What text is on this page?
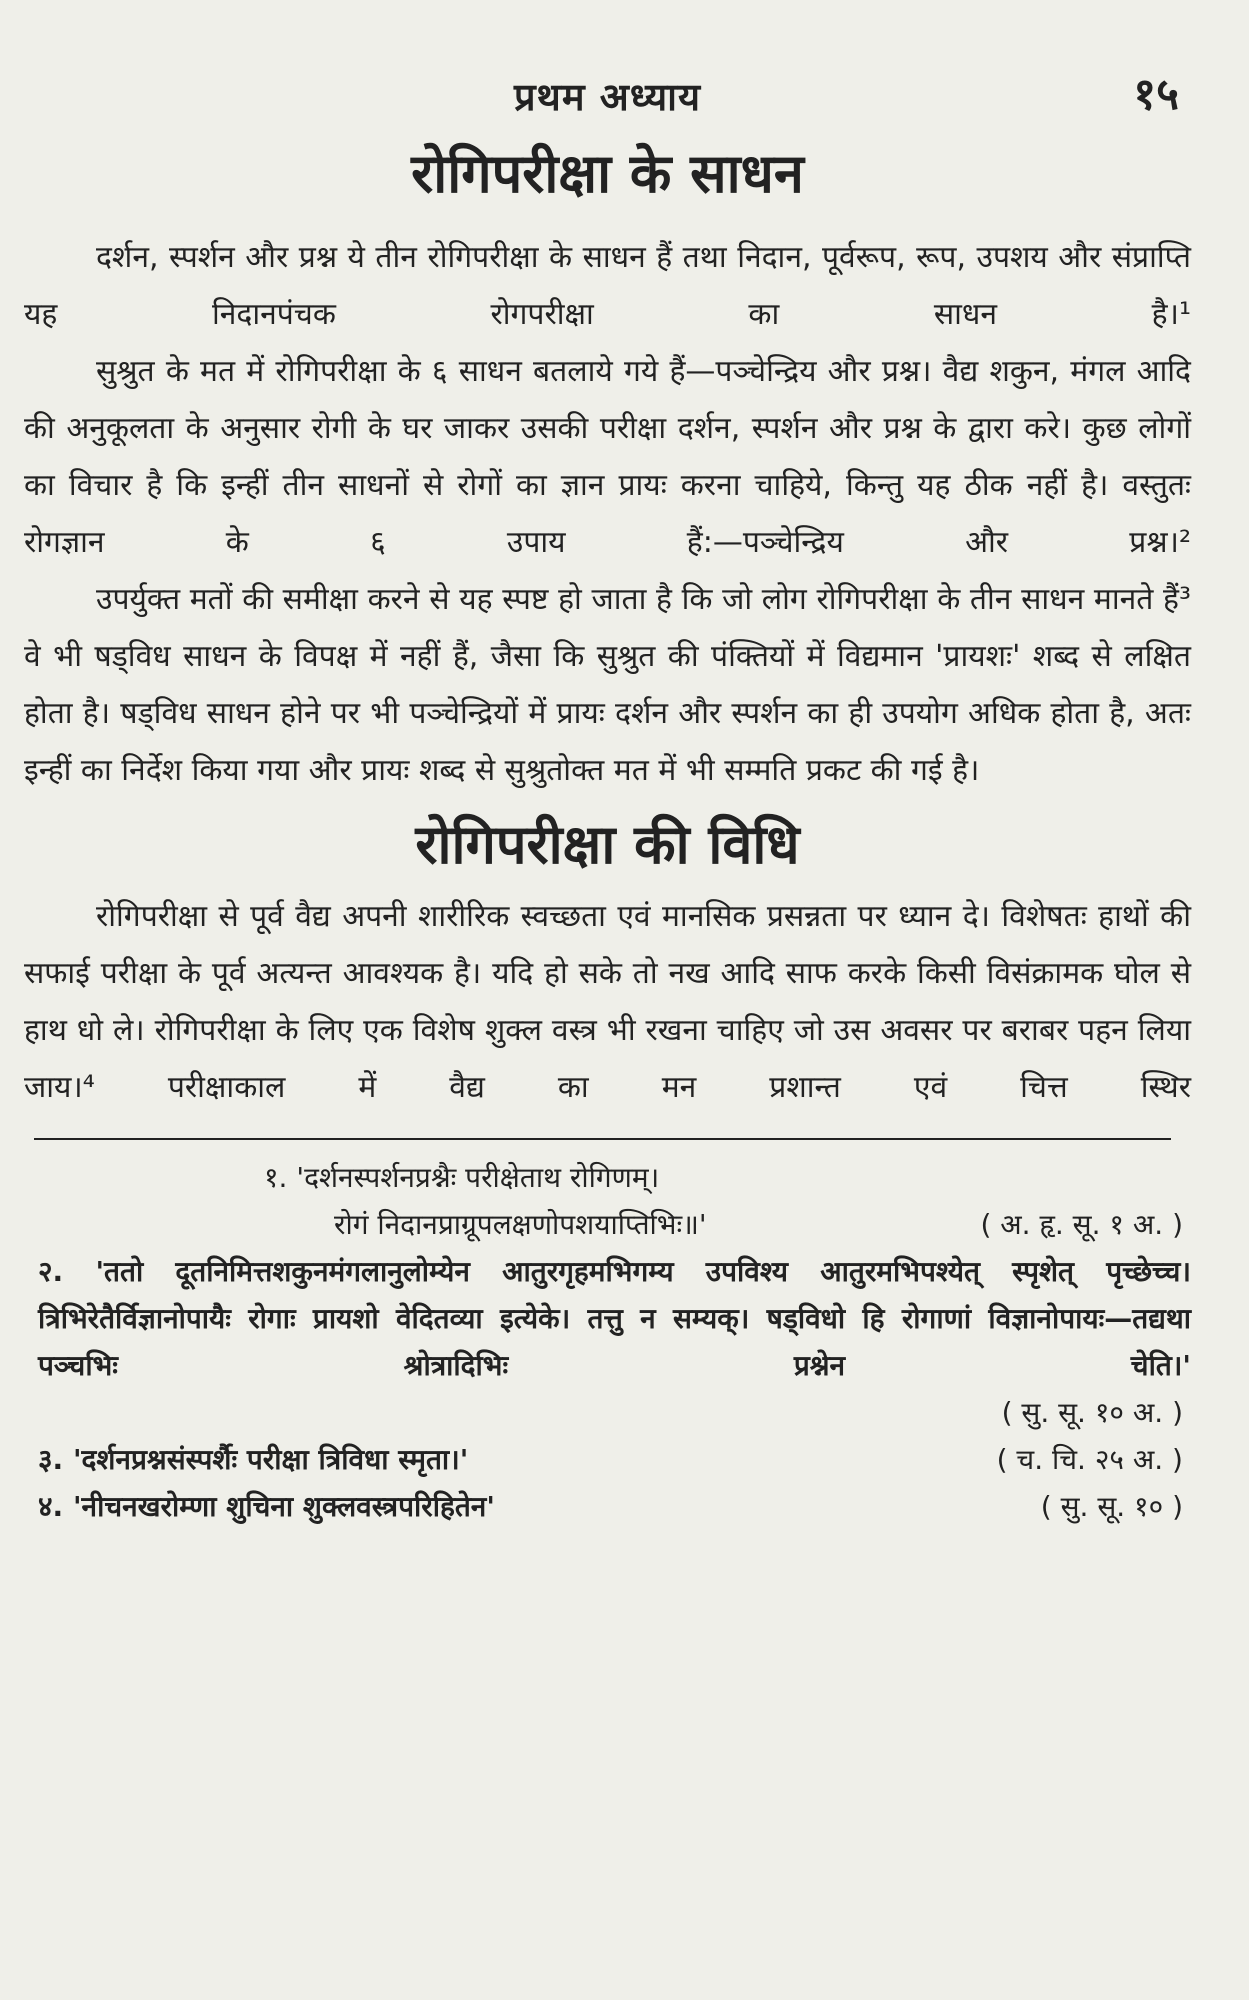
प्रथम अध्याय	१५
रोगिपरीक्षा के साधन

दर्शन, स्पर्शन और प्रश्न ये तीन रोगिपरीक्षा के साधन हैं तथा निदान, पूर्वरूप, रूप, उपशय और संप्राप्ति यह निदानपंचक रोगपरीक्षा का साधन है।¹

सुश्रुत के मत में रोगिपरीक्षा के ६ साधन बतलाये गये हैं—पञ्चेन्द्रिय और प्रश्न। वैद्य शकुन, मंगल आदि की अनुकूलता के अनुसार रोगी के घर जाकर उसकी परीक्षा दर्शन, स्पर्शन और प्रश्न के द्वारा करे। कुछ लोगों का विचार है कि इन्हीं तीन साधनों से रोगों का ज्ञान प्रायः करना चाहिये, किन्तु यह ठीक नहीं है। वस्तुतः रोगज्ञान के ६ उपाय हैं:—पञ्चेन्द्रिय और प्रश्न।²

उपर्युक्त मतों की समीक्षा करने से यह स्पष्ट हो जाता है कि जो लोग रोगिपरीक्षा के तीन साधन मानते हैं³ वे भी षड्विध साधन के विपक्ष में नहीं हैं, जैसा कि सुश्रुत की पंक्तियों में विद्यमान 'प्रायशः' शब्द से लक्षित होता है। षड्विध साधन होने पर भी पञ्चेन्द्रियों में प्रायः दर्शन और स्पर्शन का ही उपयोग अधिक होता है, अतः इन्हीं का निर्देश किया गया और प्रायः शब्द से सुश्रुतोक्त मत में भी सम्मति प्रकट की गई है।

रोगिपरीक्षा की विधि

रोगिपरीक्षा से पूर्व वैद्य अपनी शारीरिक स्वच्छता एवं मानसिक प्रसन्नता पर ध्यान दे। विशेषतः हाथों की सफाई परीक्षा के पूर्व अत्यन्त आवश्यक है। यदि हो सके तो नख आदि साफ करके किसी विसंक्रामक घोल से हाथ धो ले। रोगिपरीक्षा के लिए एक विशेष शुक्ल वस्त्र भी रखना चाहिए जो उस अवसर पर बराबर पहन लिया जाय।⁴ परीक्षाकाल में वैद्य का मन प्रशान्त एवं चित्त स्थिर

१. 'दर्शनस्पर्शनप्रश्नैः परीक्षेताथ रोगिणम्।
रोगं निदानप्राग्रूपलक्षणोपशयाप्तिभिः॥'	( अ. हृ. सू. १ अ. )
२. 'ततो दूतनिमित्तशकुनमंगलानुलोम्येन आतुरगृहमभिगम्य उपविश्य आतुरमभिपश्येत् स्पृशेत् पृच्छेच्च। त्रिभिरेतैर्विज्ञानोपायैः रोगाः प्रायशो वेदितव्या इत्येके। तत्तु न सम्यक्। षड्विधो हि रोगाणां विज्ञानोपायः—तद्यथा पञ्चभिः श्रोत्रादिभिः प्रश्नेन चेति।'
( सु. सू. १० अ. )
३. 'दर्शनप्रश्नसंस्पर्शैः परीक्षा त्रिविधा स्मृता।'	( च. चि. २५ अ. )
४. 'नीचनखरोम्णा शुचिना शुक्लवस्त्रपरिहितेन'	( सु. सू. १० )
